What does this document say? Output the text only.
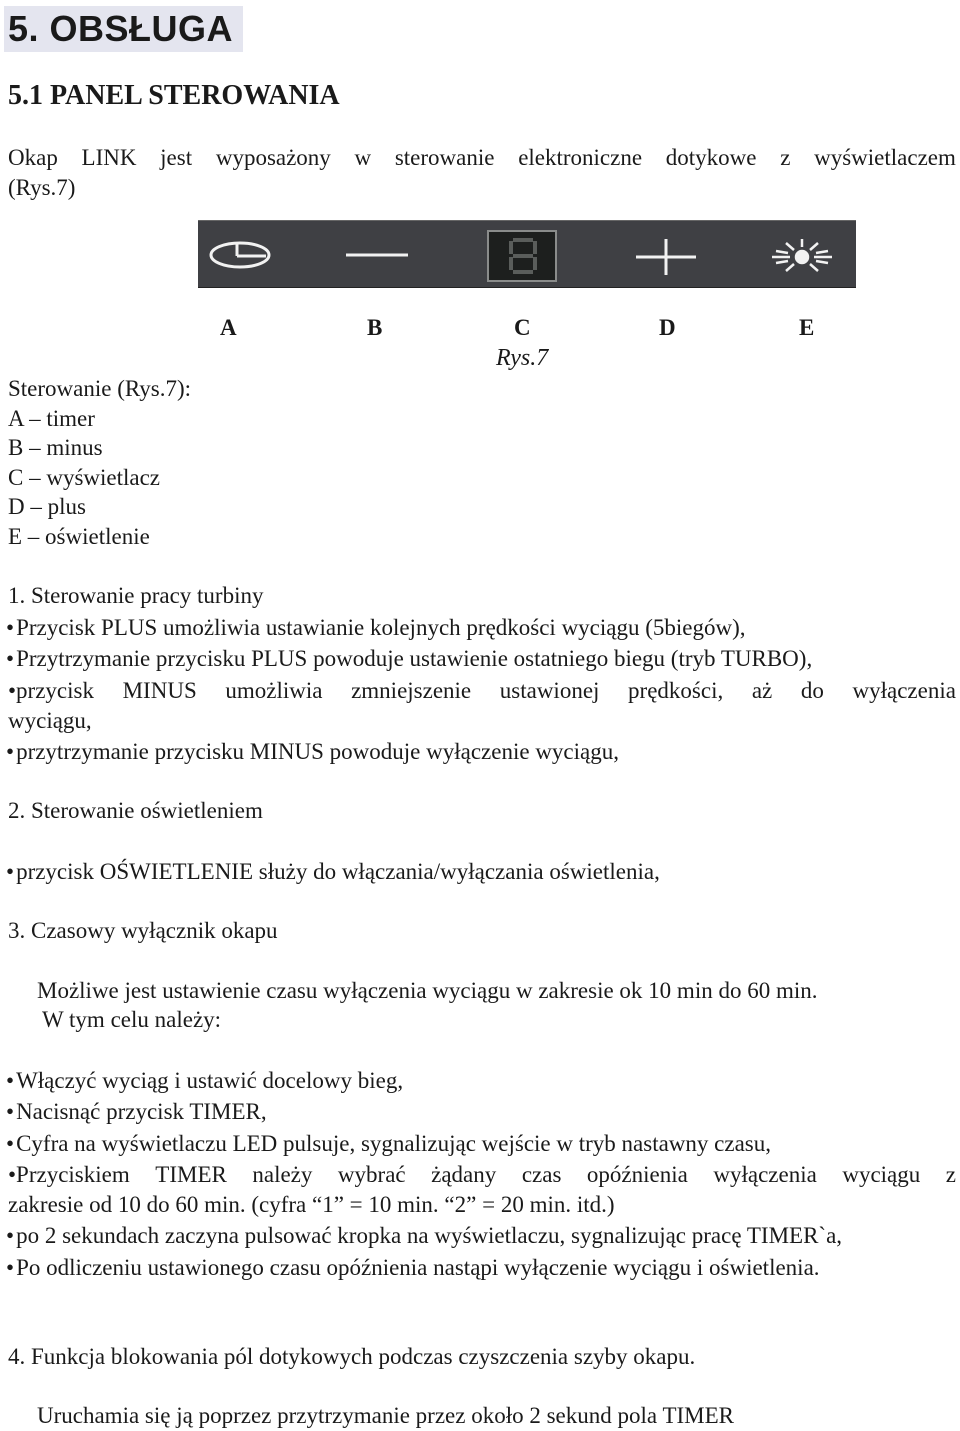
5. OBSŁUGA
5.1 PANEL STEROWANIA
Okap LINK jest wyposażony w sterowanie elektroniczne dotykowe z wyświetlaczem
(Rys.7)
A	B	C	D	E
Rys.7
Sterowanie (Rys.7):
A – timer
B – minus
C – wyświetlacz
D – plus
E – oświetlenie
1. Sterowanie pracy turbiny
• Przycisk PLUS umożliwia ustawianie kolejnych prędkości wyciągu (5biegów),
• Przytrzymanie przycisku PLUS powoduje ustawienie ostatniego biegu (tryb TURBO),
•przycisk MINUS umożliwia zmniejszenie ustawionej prędkości, aż do wyłączenia
wyciągu,
• przytrzymanie przycisku MINUS powoduje wyłączenie wyciągu,
2. Sterowanie oświetleniem
• przycisk OŚWIETLENIE służy do włączania/wyłączania oświetlenia,
3. Czasowy wyłącznik okapu
Możliwe jest ustawienie czasu wyłączenia wyciągu w zakresie ok 10 min do 60 min.
W tym celu należy:
• Włączyć wyciąg i ustawić docelowy bieg,
• Nacisnąć przycisk TIMER,
• Cyfra na wyświetlaczu LED pulsuje, sygnalizując wejście w tryb nastawny czasu,
•Przyciskiem TIMER należy wybrać żądany czas opóźnienia wyłączenia wyciągu z
zakresie od 10 do 60 min. (cyfra “1” = 10 min. “2” = 20 min. itd.)
• po 2 sekundach zaczyna pulsować kropka na wyświetlaczu, sygnalizując pracę TIMER`a,
• Po odliczeniu ustawionego czasu opóźnienia nastąpi wyłączenie wyciągu i oświetlenia.
4. Funkcja blokowania pól dotykowych podczas czyszczenia szyby okapu.
Uruchamia się ją poprzez przytrzymanie przez około 2 sekund pola TIMER
